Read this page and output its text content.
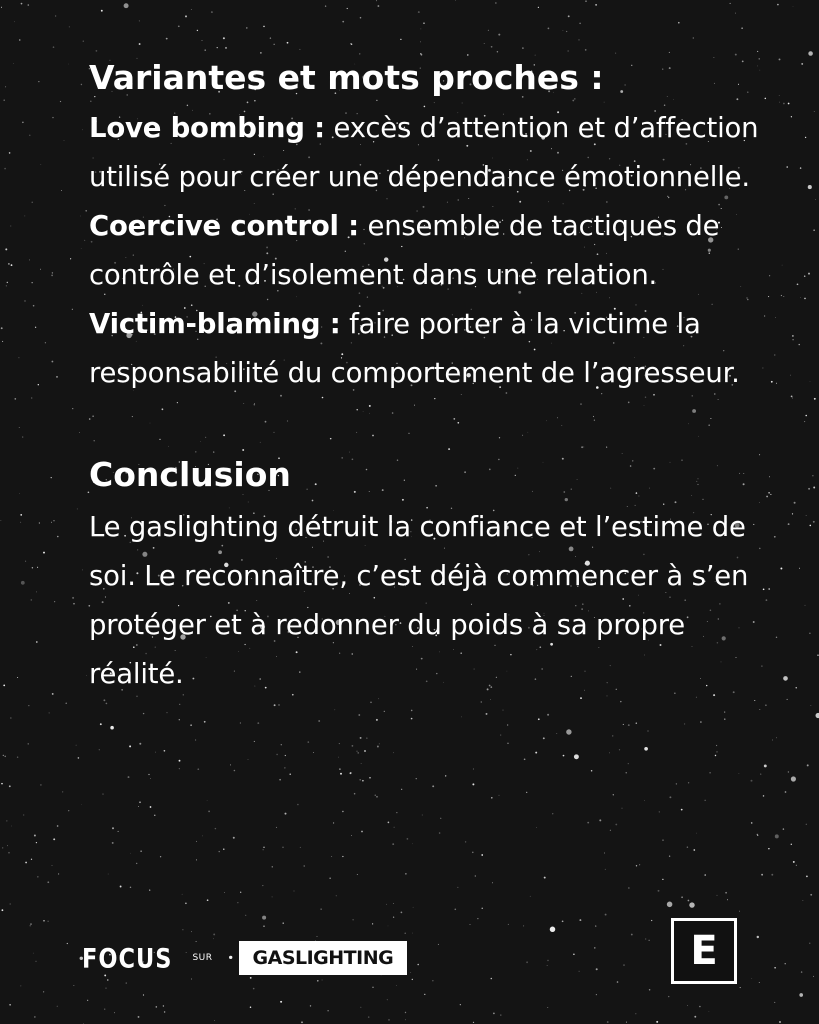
Variantes et mots proches :

Love bombing : excès d’attention et d’affection utilisé pour créer une dépendance émotionnelle.

Coercive control : ensemble de tactiques de contrôle et d’isolement dans une relation.

Victim-blaming : faire porter à la victime la responsabilité du comportement de l’agresseur.

Conclusion

Le gaslighting détruit la confiance et l’estime de soi. Le reconnaître, c’est déjà commencer à s’en protéger et à redonner du poids à sa propre réalité.

FOCUS SUR	GASLIGHTING	E
